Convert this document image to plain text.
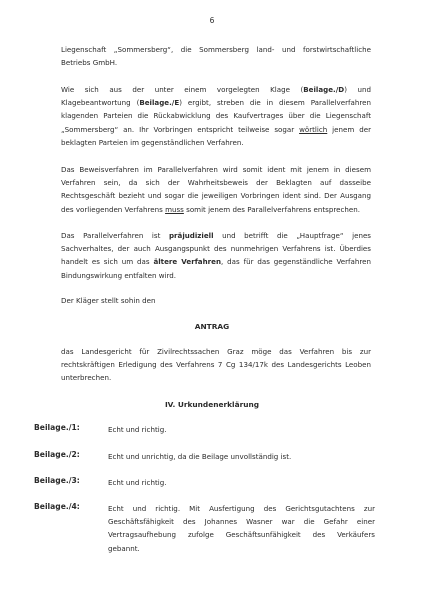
6
Liegenschaft „Sommersberg“, die Sommersberg land- und forstwirtschaftliche
Betriebs GmbH.
Wie sich aus der unter einem vorgelegten Klage (Beilage./D) und
Klagebeantwortung (Beilage./E) ergibt, streben die in diesem Parallelverfahren
klagenden Parteien die Rückabwicklung des Kaufvertrages über die Liegenschaft
„Sommersberg“ an. Ihr Vorbringen entspricht teilweise sogar wörtlich jenem der
beklagten Parteien im gegenständlichen Verfahren.
Das Beweisverfahren im Parallelverfahren wird somit ident mit jenem in diesem
Verfahren sein, da sich der Wahrheitsbeweis der Beklagten auf dasseibe
Rechtsgeschäft bezieht und sogar die jeweiligen Vorbringen ident sind. Der Ausgang
des vorliegenden Verfahrens muss somit jenem des Parallelverfahrens entsprechen.
Das Parallelverfahren ist präjudiziell und betrifft die „Hauptfrage“ jenes
Sachverhaltes, der auch Ausgangspunkt des nunmehrigen Verfahrens ist. Überdies
handelt es sich um das ältere Verfahren, das für das gegenständliche Verfahren
Bindungswirkung entfalten wird.
Der Kläger stellt sohin den
ANTRAG
das Landesgericht für Zivilrechtssachen Graz möge das Verfahren bis zur
rechtskräftigen Erledigung des Verfahrens 7 Cg 134/17k des Landesgerichts Leoben
unterbrechen.
IV. Urkundenerklärung
Beilage./1:	Echt und richtig.
Beilage./2:	Echt und unrichtig, da die Beilage unvollständig ist.
Beilage./3:	Echt und richtig.
Beilage./4:	Echt und richtig. Mit Ausfertigung des Gerichtsgutachtens zur
Geschäftsfähigkeit des Johannes Wasner war die Gefahr einer
Vertragsaufhebung zufolge Geschäftsunfähigkeit des Verkäufers
gebannt.
